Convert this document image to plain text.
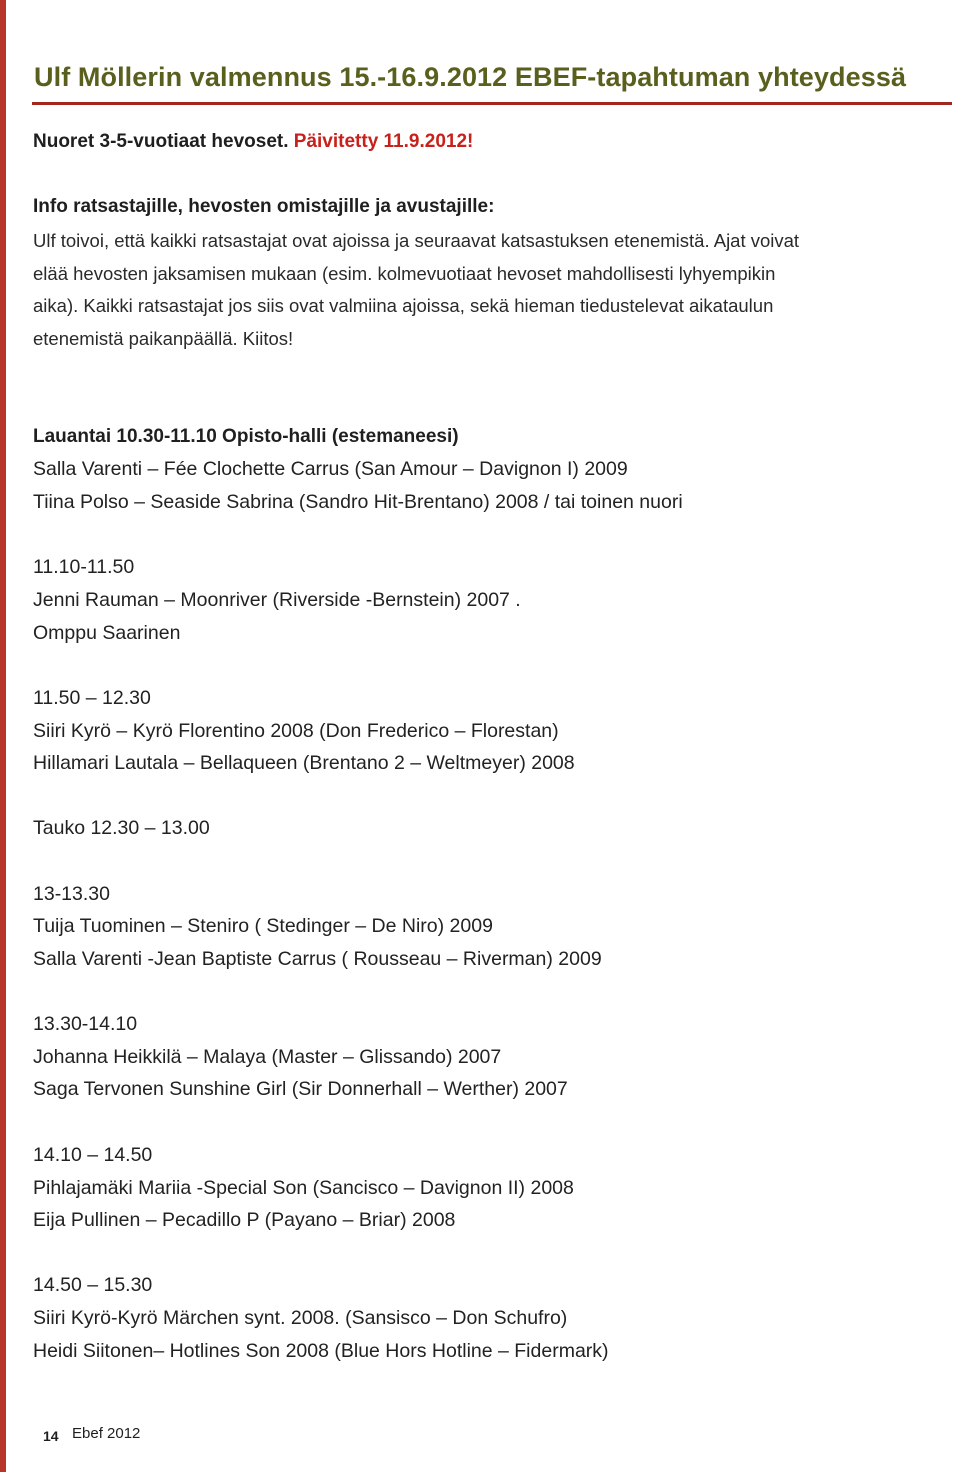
Ulf Möllerin valmennus 15.-16.9.2012 EBEF-tapahtuman yhteydessä
Nuoret 3-5-vuotiaat hevoset. Päivitetty 11.9.2012!
Info ratsastajille, hevosten omistajille ja avustajille:
Ulf toivoi, että kaikki ratsastajat ovat ajoissa ja seuraavat katsastuksen etenemistä. Ajat voivat
elää hevosten jaksamisen mukaan (esim. kolmevuotiaat hevoset mahdollisesti lyhyempikin
aika). Kaikki ratsastajat jos siis ovat valmiina ajoissa, sekä hieman tiedustelevat aikataulun
etenemistä paikanpäällä. Kiitos!
Lauantai 10.30-11.10 Opisto-halli (estemaneesi)
Salla Varenti – Fée Clochette Carrus (San Amour – Davignon I) 2009
Tiina Polso – Seaside Sabrina (Sandro Hit-Brentano) 2008 / tai toinen nuori
11.10-11.50
Jenni Rauman – Moonriver (Riverside -Bernstein) 2007 .
Omppu Saarinen
11.50 – 12.30
Siiri Kyrö – Kyrö Florentino 2008 (Don Frederico – Florestan)
Hillamari Lautala – Bellaqueen (Brentano 2 – Weltmeyer) 2008
Tauko 12.30 – 13.00
13-13.30
Tuija Tuominen – Steniro ( Stedinger – De Niro) 2009
Salla Varenti -Jean Baptiste Carrus ( Rousseau – Riverman) 2009
13.30-14.10
Johanna Heikkilä – Malaya (Master – Glissando) 2007
Saga Tervonen Sunshine Girl (Sir Donnerhall – Werther) 2007
14.10 – 14.50
Pihlajamäki Mariia -Special Son (Sancisco – Davignon II) 2008
Eija Pullinen – Pecadillo P (Payano – Briar) 2008
14.50 – 15.30
Siiri Kyrö-Kyrö Märchen synt. 2008. (Sansisco – Don Schufro)
Heidi Siitonen– Hotlines Son 2008 (Blue Hors Hotline – Fidermark)
14 Ebef 2012
